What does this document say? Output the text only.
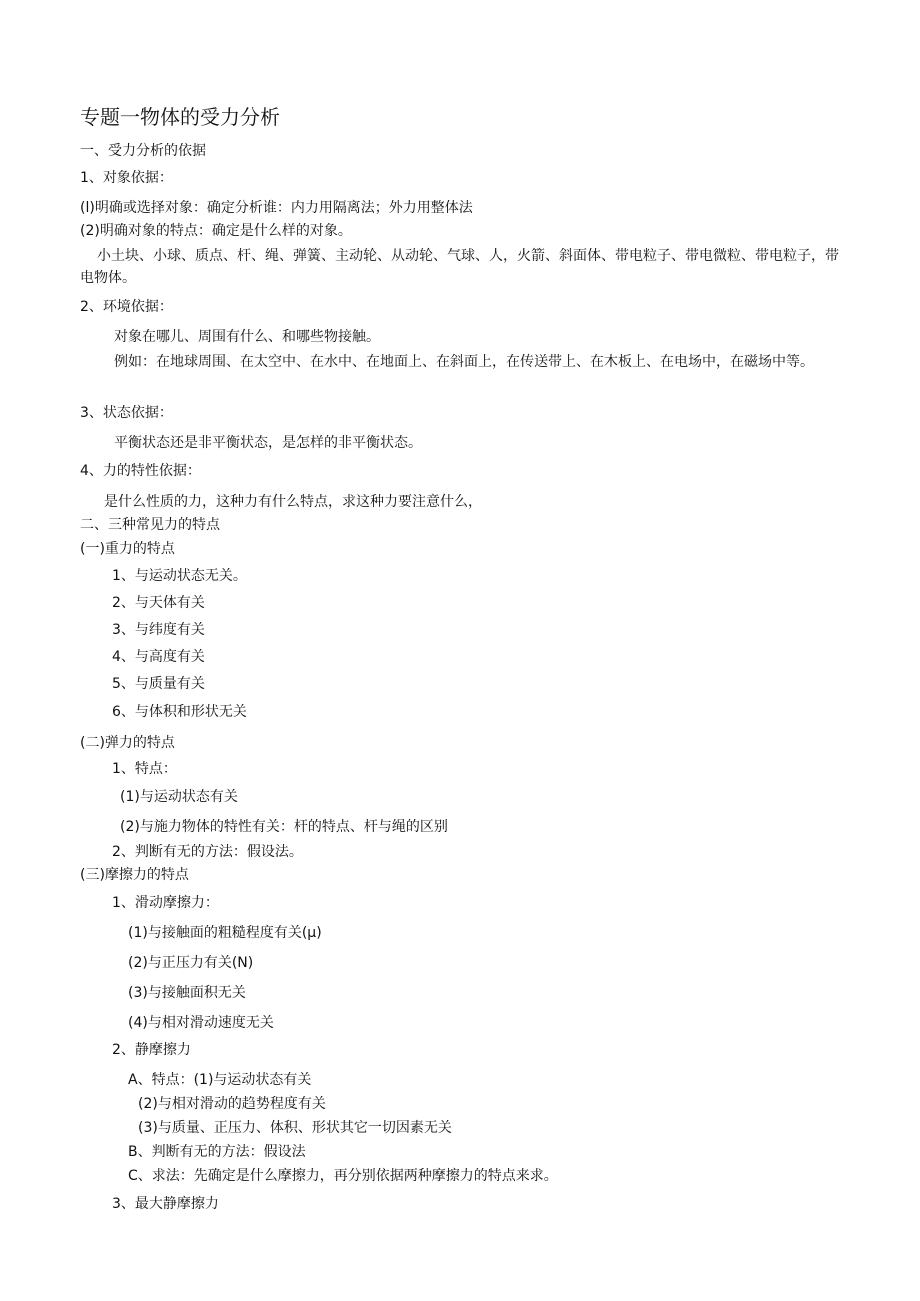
专题一物体的受力分析
一、受力分析的依据
1、对象依据：
(l)明确或选择对象：确定分析谁：内力用隔离法；外力用整体法
(2)明确对象的特点：确定是什么样的对象。
小土块、小球、质点、杆、绳、弹簧、主动轮、从动轮、气球、人，火箭、斜面体、带电粒子、带电微粒、带电粒子，带电物体。
2、环境依据：
对象在哪儿、周围有什么、和哪些物接触。
例如：在地球周围、在太空中、在水中、在地面上、在斜面上，在传送带上、在木板上、在电场中，在磁场中等。
3、状态依据：
平衡状态还是非平衡状态，是怎样的非平衡状态。
4、力的特性依据：
是什么性质的力，这种力有什么特点，求这种力要注意什么，
二、三种常见力的特点
(一)重力的特点
1、与运动状态无关。
2、与天体有关
3、与纬度有关
4、与高度有关
5、与质量有关
6、与体积和形状无关
(二)弹力的特点
1、特点：
(1)与运动状态有关
(2)与施力物体的特性有关：杆的特点、杆与绳的区别
2、判断有无的方法：假设法。
(三)摩擦力的特点
1、滑动摩擦力：
(1)与接触面的粗糙程度有关(μ)
(2)与正压力有关(N)
(3)与接触面积无关
(4)与相对滑动速度无关
2、静摩擦力
A、特点：(1)与运动状态有关
(2)与相对滑动的趋势程度有关
(3)与质量、正压力、体积、形状其它一切因素无关
B、判断有无的方法：假设法
C、求法：先确定是什么摩擦力，再分别依据两种摩擦力的特点来求。
3、最大静摩擦力
